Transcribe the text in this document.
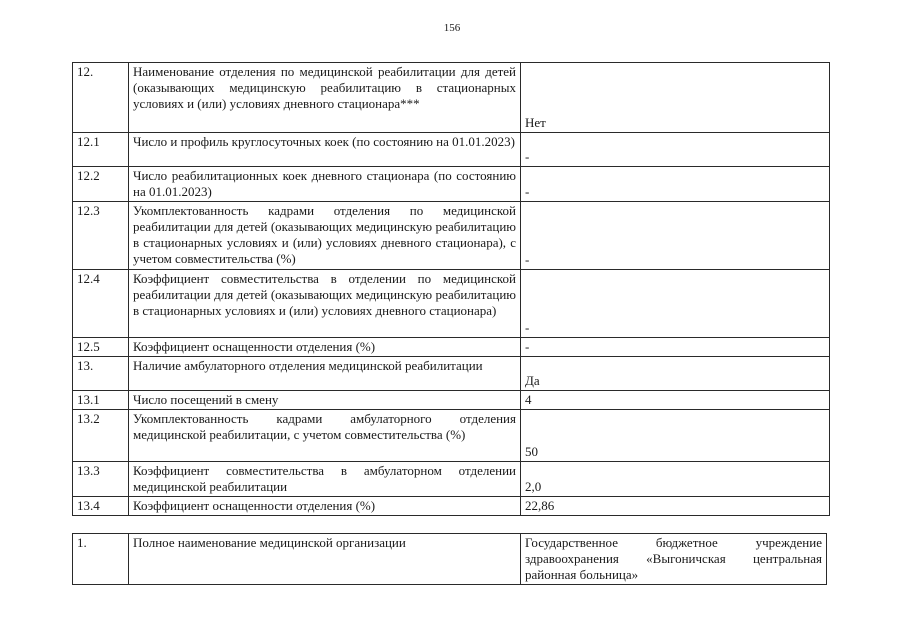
156
12.	Наименование отделения по медицинской реабилитации для детей (оказывающих медицинскую реабилитацию в стационарных условиях и (или) условиях дневного стационара***	Нет
12.1	Число и профиль круглосуточных коек (по состоянию на 01.01.2023)	-
12.2	Число реабилитационных коек дневного стационара (по состоянию на 01.01.2023)	-
12.3	Укомплектованность кадрами отделения по медицинской реабилитации для детей (оказывающих медицинскую реабилитацию в стационарных условиях и (или) условиях дневного стационара), с учетом совместительства (%)	-
12.4	Коэффициент совместительства в отделении по медицинской реабилитации для детей (оказывающих медицинскую реабилитацию в стационарных условиях и (или) условиях дневного стационара)	-
12.5	Коэффициент оснащенности отделения (%)	-
13.	Наличие амбулаторного отделения медицинской реабилитации	Да
13.1	Число посещений в смену	4
13.2	Укомплектованность кадрами амбулаторного отделения медицинской реабилитации, с учетом совместительства (%)	50
13.3	Коэффициент совместительства в амбулаторном отделении медицинской реабилитации	2,0
13.4	Коэффициент оснащенности отделения (%)	22,86
1.	Полное наименование медицинской организации	Государственное бюджетное учреждение здравоохранения «Выгоничская центральная районная больница»
